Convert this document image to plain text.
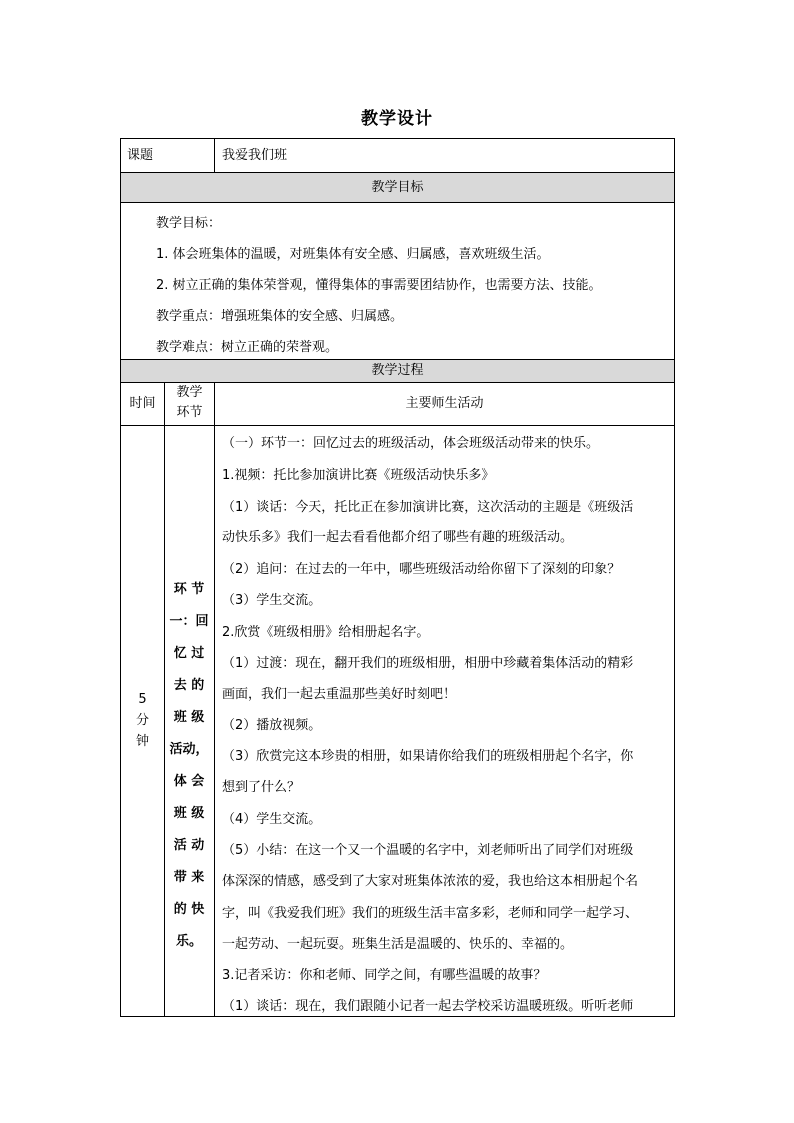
教学设计
课题	我爱我们班
教学目标
教学目标：
1. 体会班集体的温暖，对班集体有安全感、归属感，喜欢班级生活。
2. 树立正确的集体荣誉观，懂得集体的事需要团结协作，也需要方法、技能。
教学重点：增强班集体的安全感、归属感。
教学难点：树立正确的荣誉观。
教学过程
时间
教学
环节
主要师生活动
5
分
钟
环 节
一：回
忆 过
去 的
班 级
活动，
体 会
班 级
活 动
带 来
的 快
乐。
（一）环节一：回忆过去的班级活动，体会班级活动带来的快乐。
1.视频：托比参加演讲比赛《班级活动快乐多》
（1）谈话：今天，托比正在参加演讲比赛，这次活动的主题是《班级活
动快乐多》我们一起去看看他都介绍了哪些有趣的班级活动。
（2）追问：在过去的一年中，哪些班级活动给你留下了深刻的印象？
（3）学生交流。
2.欣赏《班级相册》给相册起名字。
（1）过渡：现在，翻开我们的班级相册，相册中珍藏着集体活动的精彩
画面，我们一起去重温那些美好时刻吧！
（2）播放视频。
（3）欣赏完这本珍贵的相册，如果请你给我们的班级相册起个名字，你
想到了什么？
（4）学生交流。
（5）小结：在这一个又一个温暖的名字中，刘老师听出了同学们对班级
体深深的情感，感受到了大家对班集体浓浓的爱，我也给这本相册起个名
字，叫《我爱我们班》我们的班级生活丰富多彩，老师和同学一起学习、
一起劳动、一起玩耍。班集生活是温暖的、快乐的、幸福的。
3.记者采访：你和老师、同学之间，有哪些温暖的故事？
（1）谈话：现在，我们跟随小记者一起去学校采访温暖班级。听听老师
